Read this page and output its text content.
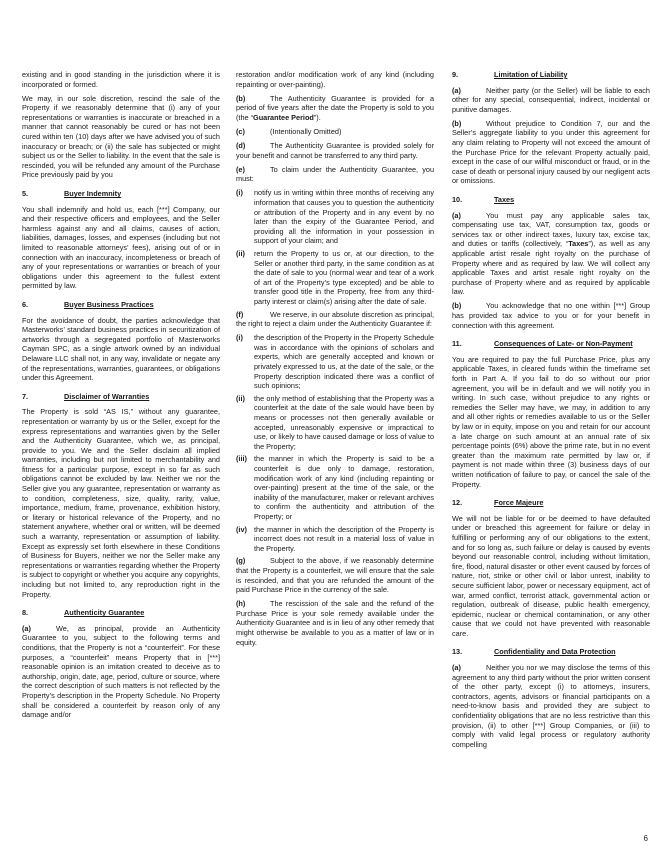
existing and in good standing in the jurisdiction where it is incorporated or formed.

We may, in our sole discretion, rescind the sale of the Property if we reasonably determine that (i) any of your representations or warranties is inaccurate or breached in a manner that cannot reasonably be cured or has not been cured within ten (10) days after we have advised you of such inaccuracy or breach; or (ii) the sale has subjected or might subject us or the Seller to liability. In the event that the sale is rescinded, you will be refunded any amount of the Purchase Price previously paid by you

5.	Buyer Indemnity

You shall indemnify and hold us, each [***] Company, our and their respective officers and employees, and the Seller harmless against any and all claims, causes of action, liabilities, damages, losses, and expenses (including but not limited to reasonable attorneys’ fees), arising out of or in connection with an inaccuracy, incompleteness or breach of any of your representations or warranties or breach of your obligations under this agreement to the fullest extent permitted by law.

6.	Buyer Business Practices

For the avoidance of doubt, the parties acknowledge that Masterworks’ standard business practices in securitization of artworks through a segregated portfolio of Masterworks Cayman SPC, as a single artwork owned by an individual Delaware LLC shall not, in any way, invalidate or negate any of the representations, warranties, guarantees, or obligations under this Agreement.

7.	Disclaimer of Warranties

The Property is sold “AS IS,” without any guarantee, representation or warranty by us or the Seller, except for the express representations and warranties given by the Seller and the Authenticity Guarantee, which we, as principal, provide to you. We and the Seller disclaim all implied warranties, including but not limited to merchantability and fitness for a particular purpose, except in so far as such obligations cannot be excluded by law. Neither we nor the Seller give you any guarantee, representation or warranty as to condition, completeness, size, quality, rarity, value, importance, medium, frame, provenance, exhibition history, or literary or historical relevance of the Property, and no statement anywhere, whether oral or written, will be deemed such a warranty, representation or assumption of liability. Except as expressly set forth elsewhere in these Conditions of Business for Buyers, neither we nor the Seller make any representations or warranties regarding whether the Property is subject to copyright or whether you acquire any copyrights, including but not limited to, any reproduction right in the Property.

8.	Authenticity Guarantee

(a)	We, as principal, provide an Authenticity Guarantee to you, subject to the following terms and conditions, that the Property is not a “counterfeit”. For these purposes, a “counterfeit” means Property that in [***] reasonable opinion is an imitation created to deceive as to authorship, origin, date, age, period, culture or source, where the correct description of such matters is not reflected by the Property’s description in the Property Schedule. No Property shall be considered a counterfeit by reason only of any damage and/or

restoration and/or modification work of any kind (including repainting or over-painting).

(b)	The Authenticity Guarantee is provided for a period of five years after the date the Property is sold to you (the “Guarantee Period”).

(c)	(Intentionally Omitted)

(d)	The Authenticity Guarantee is provided solely for your benefit and cannot be transferred to any third party.

(e)	To claim under the Authenticity Guarantee, you must:

(i)	notify us in writing within three months of receiving any information that causes you to question the authenticity or attribution of the Property and in any event by no later than the expiry of the Guarantee Period, and providing all the information in your possession in support of your claim; and
(ii)	return the Property to us or, at our direction, to the Seller or another third party, in the same condition as at the date of sale to you (normal wear and tear of a work of art of the Property’s type excepted) and be able to transfer good title in the Property, free from any third-party interest or claim(s) arising after the date of sale.

(f)	We reserve, in our absolute discretion as principal, the right to reject a claim under the Authenticity Guarantee if:

(i)	the description of the Property in the Property Schedule was in accordance with the opinions of scholars and experts, which are generally accepted and known or privately expressed to us, at the date of the sale, or the Property description indicated there was a conflict of such opinions;
(ii)	the only method of establishing that the Property was a counterfeit at the date of the sale would have been by means or processes not then generally available or accepted, unreasonably expensive or impractical to use, or likely to have caused damage or loss of value to the Property;
(iii) the manner in which the Property is said to be a counterfeit is due only to damage, restoration, modification work of any kind (including repainting or over-painting) present at the time of the sale, or the inability of the manufacturer, maker or relevant archives to confirm the authenticity and attribution of the Property; or
(iv) the manner in which the description of the Property is incorrect does not result in a material loss of value in the Property.

(g)	Subject to the above, if we reasonably determine that the Property is a counterfeit, we will ensure that the sale is rescinded, and that you are refunded the amount of the paid Purchase Price in the currency of the sale.

(h)	The rescission of the sale and the refund of the Purchase Price is your sole remedy available under the Authenticity Guarantee and is in lieu of any other remedy that might otherwise be available to you as a matter of law or in equity.

9.	Limitation of Liability

(a)	Neither party (or the Seller) will be liable to each other for any special, consequential, indirect, incidental or punitive damages.

(b)	Without prejudice to Condition 7, our and the Seller’s aggregate liability to you under this agreement for any claim relating to Property will not exceed the amount of the Purchase Price for the relevant Property actually paid, except in the case of our willful misconduct or fraud, or in the case of death or personal injury caused by our negligent acts or omissions.

10.	Taxes

(a)	You must pay any applicable sales tax, compensating use tax, VAT, consumption tax, goods or services tax or other indirect taxes, luxury tax, excise tax, and duties or tariffs (collectively, “Taxes”), as well as any applicable artist resale right royalty on the purchase of Property where and as required by law. We will collect any applicable Taxes and artist resale right royalty on the purchase of Property where and as required by applicable law.

(b)	You acknowledge that no one within [***] Group has provided tax advice to you or for your benefit in connection with this agreement.

11.	Consequences of Late- or Non-Payment

You are required to pay the full Purchase Price, plus any applicable Taxes, in cleared funds within the timeframe set forth in Part A. If you fail to do so without our prior agreement, you will be in default and we will notify you in writing. In such case, without prejudice to any rights or remedies the Seller may have, we may, in addition to any and all other rights or remedies available to us or the Seller by law or in equity, impose on you and retain for our account a late charge on such amount at an annual rate of six percentage points (6%) above the prime rate, but in no event greater than the maximum rate permitted by law or, if payment is not made within three (3) business days of our written notification of failure to pay, or cancel the sale of the Property.

12.	Force Majeure

We will not be liable for or be deemed to have defaulted under or breached this agreement for failure or delay in fulfilling or performing any of our obligations to the extent, and for so long as, such failure or delay is caused by events beyond our reasonable control, including without limitation, fire, flood, natural disaster or other event caused by forces of nature, riot, strike or other civil or labor unrest, inability to secure sufficient labor, power or necessary equipment, act of war, armed conflict, terrorist attack, governmental action or regulation, outbreak of disease, public health emergency, epidemic, nuclear or chemical contamination, or any other cause that we could not have prevented with reasonable care.

13.	Confidentiality and Data Protection

(a)	Neither you nor we may disclose the terms of this agreement to any third party without the prior written consent of the other party, except (i) to attorneys, insurers, contractors, agents, advisors or financial participants on a need-to-know basis and provided they are subject to confidentiality obligations that are no less restrictive than this provision, (ii) to other [***] Group Companies, or (iii) to comply with valid legal process or regulatory authority compelling

6
